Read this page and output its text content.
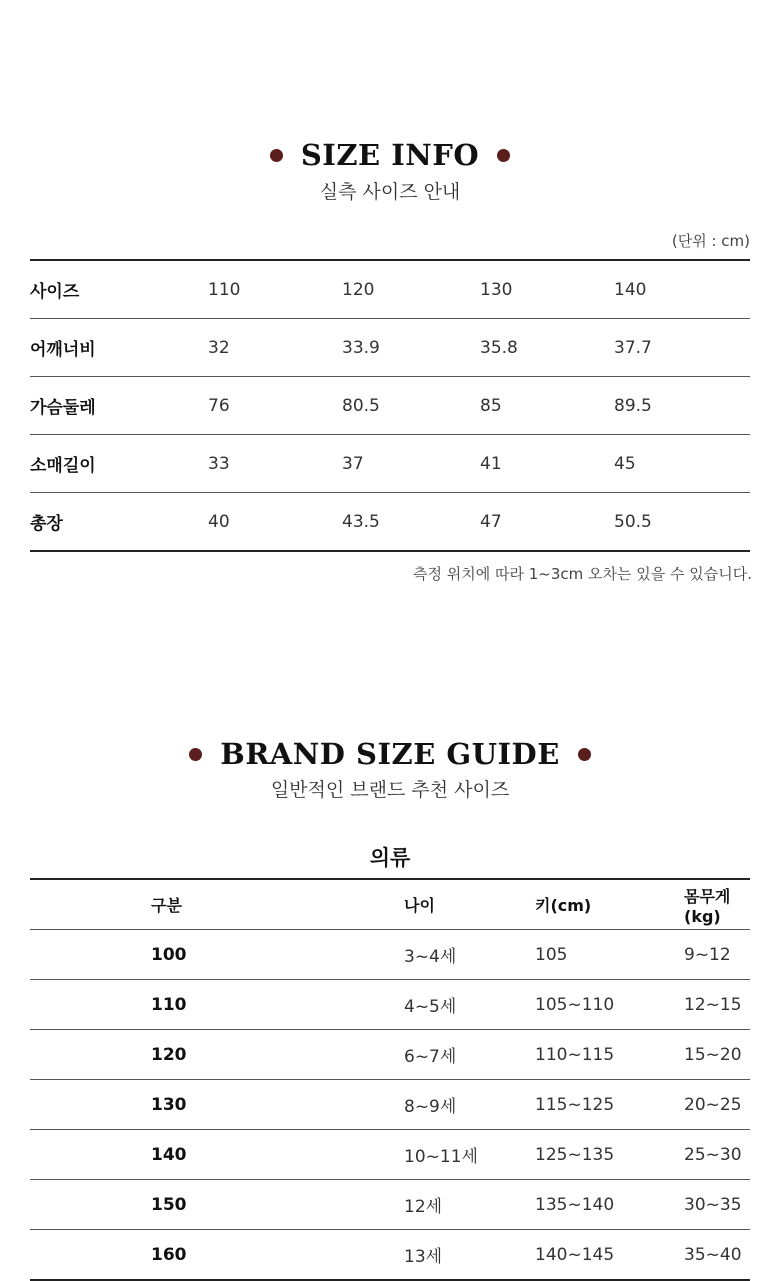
SIZE INFO
실측 사이즈 안내
(단위 : cm)
사이즈	110	120	130	140
어깨너비	32	33.9	35.8	37.7
가슴둘레	76	80.5	85	89.5
소매길이	33	37	41	45
총장	40	43.5	47	50.5
측정 위치에 따라 1~3cm 오차는 있을 수 있습니다.
BRAND SIZE GUIDE
일반적인 브랜드 추천 사이즈
의류
구분	나이	키(cm)	몸무게(kg)
100	3~4세	105	9~12
110	4~5세	105~110	12~15
120	6~7세	110~115	15~20
130	8~9세	115~125	20~25
140	10~11세	125~135	25~30
150	12세	135~140	30~35
160	13세	140~145	35~40
